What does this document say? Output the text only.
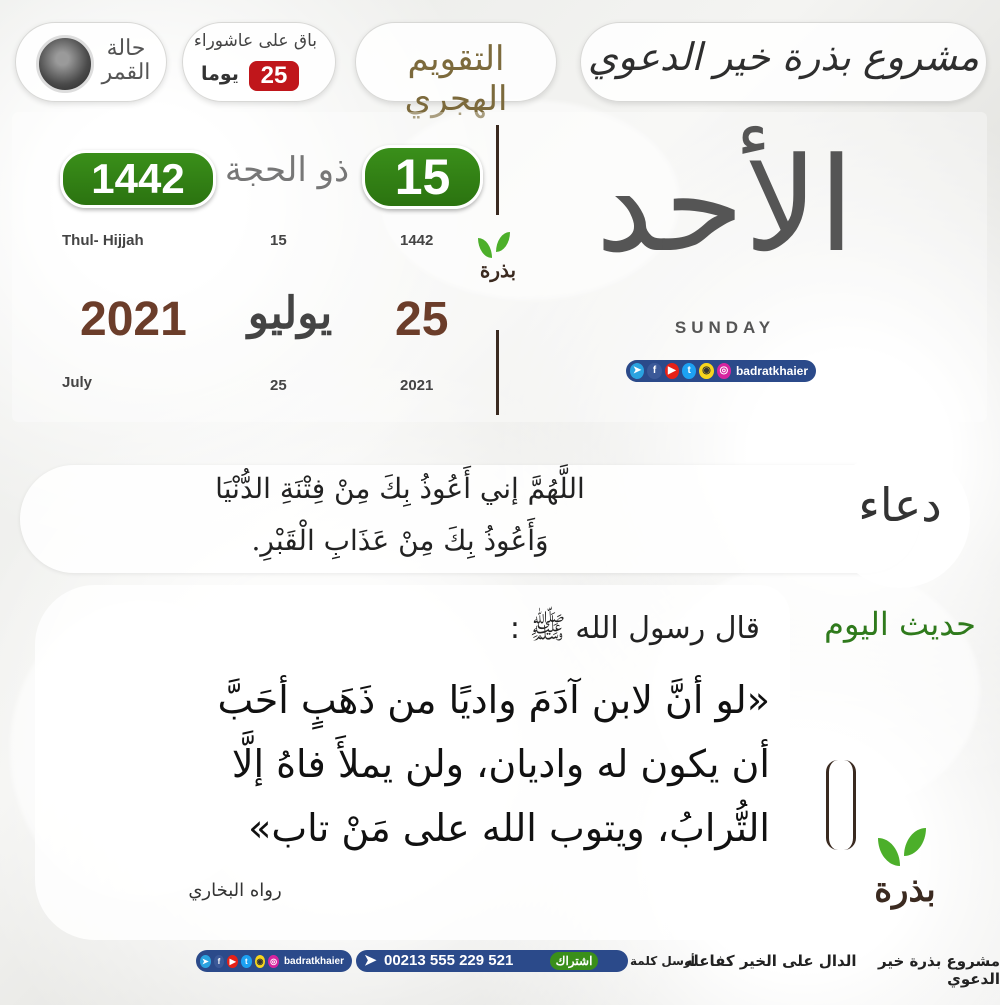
حالة القمر
باق على عاشوراء
25
يوما	التقويم الهجري
مشروع بذرة خير الدعوي
1442	ذو الحجة 15
Thul- Hijjah	15	1442
2021	يوليو	25
July	25	2021
بذرة الأحد
SUNDAY
➤	f	▶	t	◉ ◎ badratkhaier
دعاء
اللَّهُمَّ إني أَعُوذُ بِكَ مِنْ فِتْنَةِ الدُّنْيَا
وَأَعُوذُ بِكَ مِنْ عَذَابِ الْقَبْرِ.
حديث اليوم
قال رسول الله ﷺ :
«لو أنَّ لابن آدَمَ واديًا من ذَهَبٍ أحَبَّ
أن يكون له واديان، ولن يملأَ فاهُ إلَّا
التُّرابُ، ويتوب الله على مَنْ تاب»
رواه البخاري	بذرة
➤	f	▶	t	◉ ◎ badratkhaier ➤ 00213 555 229 521	اشتراك	أرسل كلمة
الدال على الخير كفاعله	مشروع بذرة خير الدعوي
